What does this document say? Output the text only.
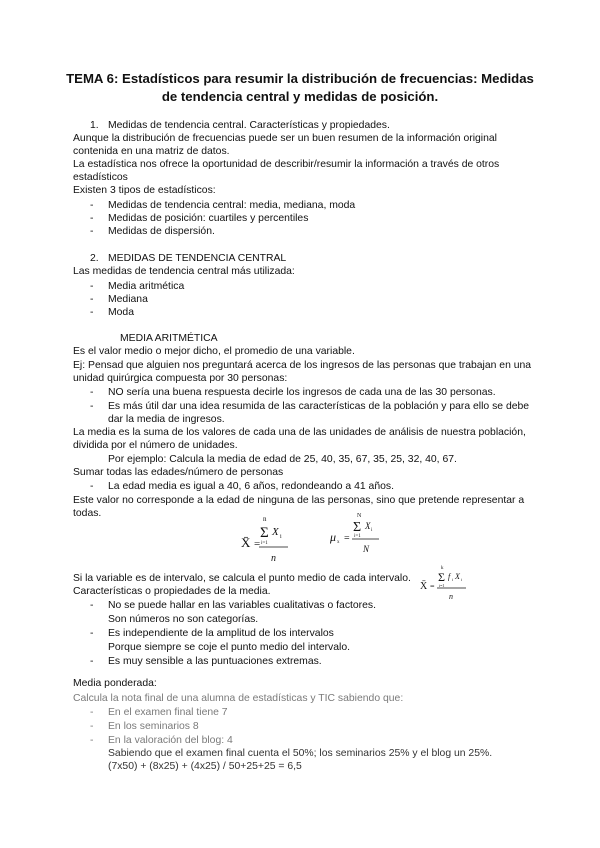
TEMA 6: Estadísticos para resumir la distribución de frecuencias: Medidas de tendencia central y medidas de posición.
1. Medidas de tendencia central. Características y propiedades.
Aunque la distribución de frecuencias puede ser un buen resumen de la información original
contenida en una matriz de datos.
La estadística nos ofrece la oportunidad de describir/resumir la información a través de otros
estadísticos
Existen 3 tipos de estadísticos:
- Medidas de tendencia central: media, mediana, moda
- Medidas de posición: cuartiles y percentiles
- Medidas de dispersión.
2. MEDIDAS DE TENDENCIA CENTRAL
Las medidas de tendencia central más utilizada:
- Media aritmética
- Mediana
- Moda
MEDIA ARITMÉTICA
Es el valor medio o mejor dicho, el promedio de una variable.
Ej: Pensad que alguien nos preguntará acerca de los ingresos de las personas que trabajan en una
unidad quirúrgica compuesta por 30 personas:
- NO sería una buena respuesta decirle los ingresos de cada una de las 30 personas.
- Es más útil dar una idea resumida de las características de la población y para ello se debe
dar la media de ingresos.
La media es la suma de los valores de cada una de las unidades de análisis de nuestra población,
dividida por el número de unidades.
Por ejemplo: Calcula la media de edad de 25, 40, 35, 67, 35, 25, 32, 40, 67.
Sumar todas las edades/número de personas
- La edad media es igual a 40, 6 años, redondeando a 41 años.
Este valor no corresponde a la edad de ninguna de las personas, sino que pretende representar a
todas.
X̄ =
n
Σ
i=1
X i
n
μ x =
N
Σ
i=1
X i
N
Si la variable es de intervalo, se calcula el punto medio de cada intervalo.
X̄ =
k
Σ
i=1
f i X i
n
Características o propiedades de la media.
- No se puede hallar en las variables cualitativas o factores.
Son números no son categorías.
- Es independiente de la amplitud de los intervalos
Porque siempre se coje el punto medio del intervalo.
- Es muy sensible a las puntuaciones extremas.
Media ponderada:
Calcula la nota final de una alumna de estadísticas y TIC sabiendo que:
- En el examen final tiene 7
- En los seminarios 8
- En la valoración del blog: 4
Sabiendo que el examen final cuenta el 50%; los seminarios 25% y el blog un 25%.
(7x50) + (8x25) + (4x25) / 50+25+25 = 6,5
